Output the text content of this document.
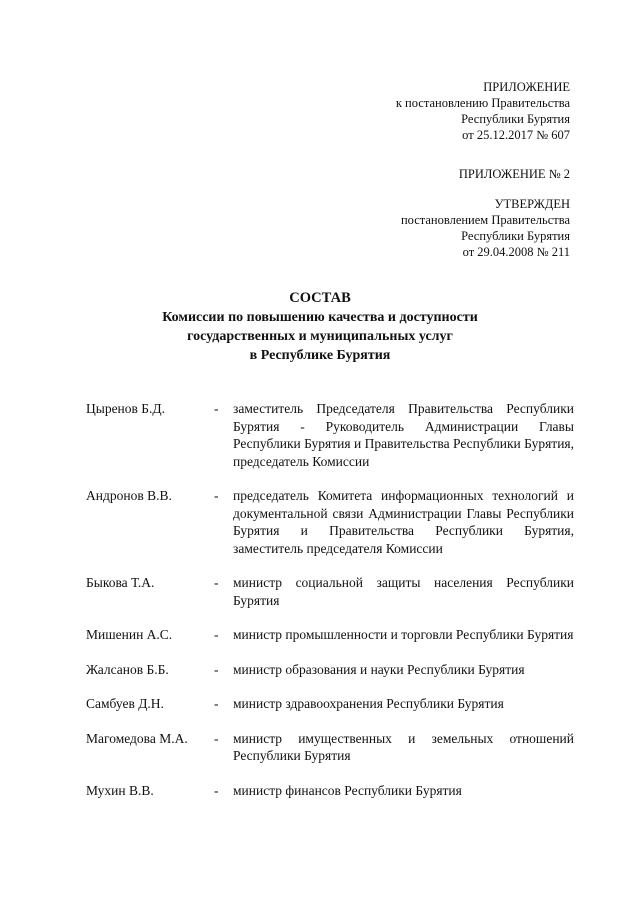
ПРИЛОЖЕНИЕ
к постановлению Правительства
Республики Бурятия
от 25.12.2017 № 607
ПРИЛОЖЕНИЕ № 2
УТВЕРЖДЕН
постановлением Правительства
Республики Бурятия
от 29.04.2008 № 211
СОСТАВ
Комиссии по повышению качества и доступности
государственных и муниципальных услуг
в Республике Бурятия
Цыренов Б.Д.	- заместитель Председателя Правительства Республики Бурятия - Руководитель Администрации Главы Республики Бурятия и Правительства Республики Бурятия, председатель Комиссии
Андронов В.В.	- председатель Комитета информационных технологий и документальной связи Администрации Главы Республики Бурятия и Правительства Республики Бурятия, заместитель председателя Комиссии
Быкова Т.А.	- министр социальной защиты населения Республики Бурятия
Мишенин А.С.	- министр промышленности и торговли Республики Бурятия
Жалсанов Б.Б.	- министр образования и науки Республики Бурятия
Самбуев Д.Н.	- министр здравоохранения Республики Бурятия
Магомедова М.А.	- министр имущественных и земельных отношений Республики Бурятия
Мухин В.В.	- министр финансов Республики Бурятия
